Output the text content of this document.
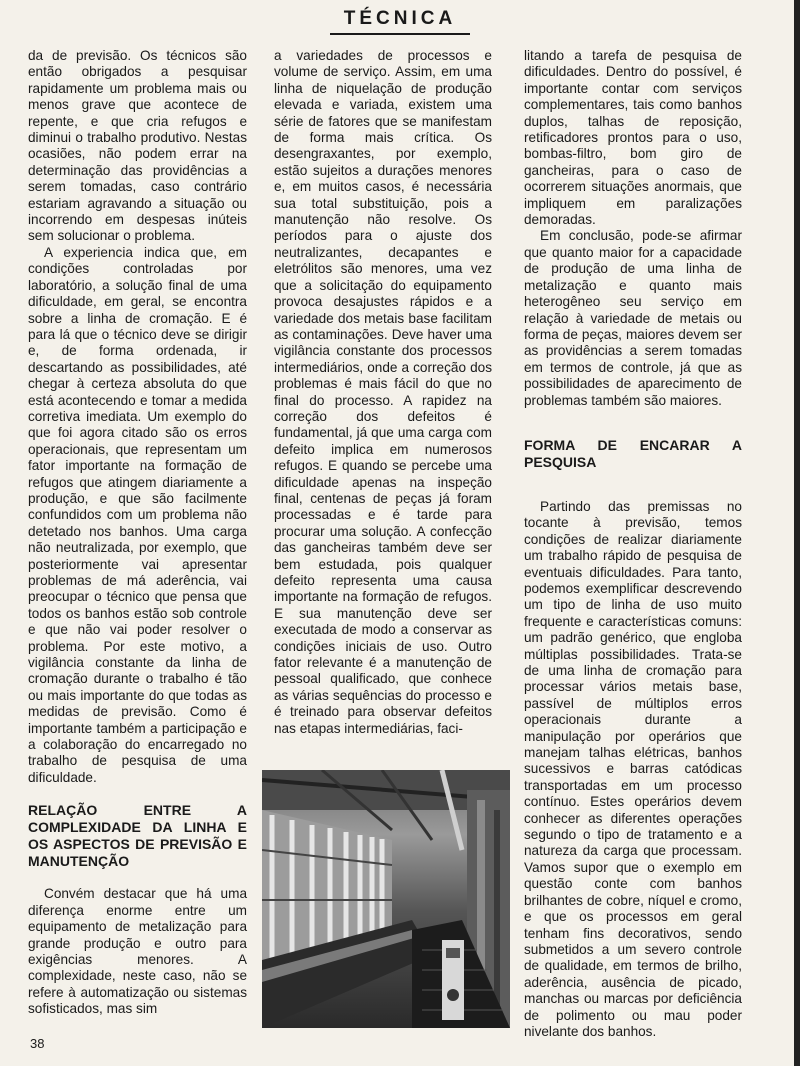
TÉCNICA

da de previsão. Os técnicos são então obrigados a pesquisar rapidamente um problema mais ou menos grave que acontece de repente, e que cria refugos e diminui o trabalho produtivo. Nestas ocasiões, não podem errar na determinação das providências a serem tomadas, caso contrário estariam agravando a situação ou incorrendo em despesas inúteis sem solucionar o problema.

A experiencia indica que, em condições controladas por laboratório, a solução final de uma dificuldade, em geral, se encontra sobre a linha de cromação. E é para lá que o técnico deve se dirigir e, de forma ordenada, ir descartando as possibilidades, até chegar à certeza absoluta do que está acontecendo e tomar a medida corretiva imediata. Um exemplo do que foi agora citado são os erros operacionais, que representam um fator importante na formação de refugos que atingem diariamente a produção, e que são facilmente confundidos com um problema não detetado nos banhos. Uma carga não neutralizada, por exemplo, que posteriormente vai apresentar problemas de má aderência, vai preocupar o técnico que pensa que todos os banhos estão sob controle e que não vai poder resolver o problema. Por este motivo, a vigilância constante da linha de cromação durante o trabalho é tão ou mais importante do que todas as medidas de previsão. Como é importante também a participação e a colaboração do encarregado no trabalho de pesquisa de uma dificuldade.

RELAÇÃO ENTRE A COMPLEXIDADE DA LINHA E OS ASPECTOS DE PREVISÃO E MANUTENÇÃO

Convém destacar que há uma diferença enorme entre um equipamento de metalização para grande produção e outro para exigências menores. A complexidade, neste caso, não se refere à automatização ou sistemas sofisticados, mas sim

a variedades de processos e volume de serviço. Assim, em uma linha de niquelação de produção elevada e variada, existem uma série de fatores que se manifestam de forma mais crítica. Os desengraxantes, por exemplo, estão sujeitos a durações menores e, em muitos casos, é necessária sua total substituição, pois a manutenção não resolve. Os períodos para o ajuste dos neutralizantes, decapantes e eletrólitos são menores, uma vez que a solicitação do equipamento provoca desajustes rápidos e a variedade dos metais base facilitam as contaminações. Deve haver uma vigilância constante dos processos intermediários, onde a correção dos problemas é mais fácil do que no final do processo. A rapidez na correção dos defeitos é fundamental, já que uma carga com defeito implica em numerosos refugos. E quando se percebe uma dificuldade apenas na inspeção final, centenas de peças já foram processadas e é tarde para procurar uma solução. A confecção das gancheiras também deve ser bem estudada, pois qualquer defeito representa uma causa importante na formação de refugos. E sua manutenção deve ser executada de modo a conservar as condições iniciais de uso. Outro fator relevante é a manutenção de pessoal qualificado, que conhece as várias sequências do processo e é treinado para observar defeitos nas etapas intermediárias, faci-

litando a tarefa de pesquisa de dificuldades. Dentro do possível, é importante contar com serviços complementares, tais como banhos duplos, talhas de reposição, retificadores prontos para o uso, bombas-filtro, bom giro de gancheiras, para o caso de ocorrerem situações anormais, que impliquem em paralizações demoradas.

Em conclusão, pode-se afirmar que quanto maior for a capacidade de produção de uma linha de metalização e quanto mais heterogêneo seu serviço em relação à variedade de metais ou forma de peças, maiores devem ser as providências a serem tomadas em termos de controle, já que as possibilidades de aparecimento de problemas também são maiores.

FORMA DE ENCARAR A PESQUISA

Partindo das premissas no tocante à previsão, temos condições de realizar diariamente um trabalho rápido de pesquisa de eventuais dificuldades. Para tanto, podemos exemplificar descrevendo um tipo de linha de uso muito frequente e características comuns: um padrão genérico, que engloba múltiplas possibilidades. Trata-se de uma linha de cromação para processar vários metais base, passível de múltiplos erros operacionais durante a manipulação por operários que manejam talhas elétricas, banhos sucessivos e barras catódicas transportadas em um processo contínuo. Estes operários devem conhecer as diferentes operações segundo o tipo de tratamento e a natureza da carga que processam. Vamos supor que o exemplo em questão conte com banhos brilhantes de cobre, níquel e cromo, e que os processos em geral tenham fins decorativos, sendo submetidos a um severo controle de qualidade, em termos de brilho, aderência, ausência de picado, manchas ou marcas por deficiência de polimento ou mau poder nivelante dos banhos.

38
